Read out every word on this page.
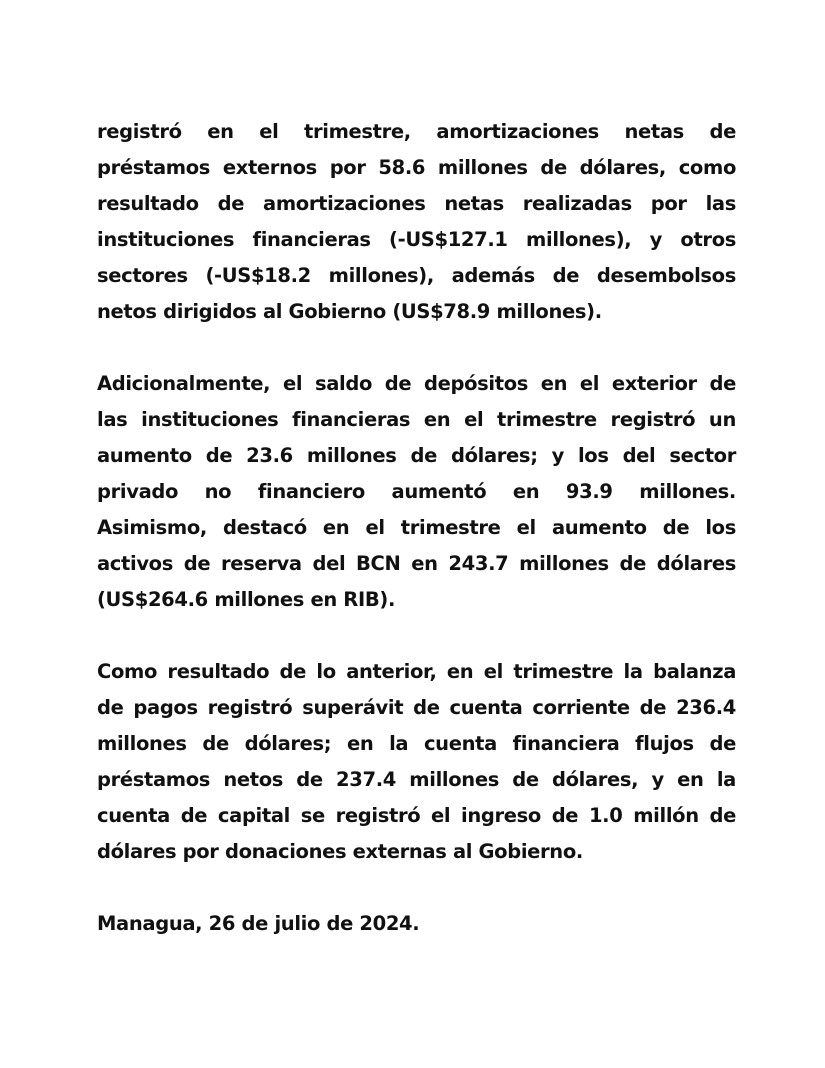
registró en el trimestre, amortizaciones netas de
préstamos externos por 58.6 millones de dólares, como
resultado de amortizaciones netas realizadas por las
instituciones financieras (-US$127.1 millones), y otros
sectores (-US$18.2 millones), además de desembolsos
netos dirigidos al Gobierno (US$78.9 millones).
Adicionalmente, el saldo de depósitos en el exterior de
las instituciones financieras en el trimestre registró un
aumento de 23.6 millones de dólares; y los del sector
privado no financiero aumentó en 93.9 millones.
Asimismo, destacó en el trimestre el aumento de los
activos de reserva del BCN en 243.7 millones de dólares
(US$264.6 millones en RIB).
Como resultado de lo anterior, en el trimestre la balanza
de pagos registró superávit de cuenta corriente de 236.4
millones de dólares; en la cuenta financiera flujos de
préstamos netos de 237.4 millones de dólares, y en la
cuenta de capital se registró el ingreso de 1.0 millón de
dólares por donaciones externas al Gobierno.
Managua, 26 de julio de 2024.
